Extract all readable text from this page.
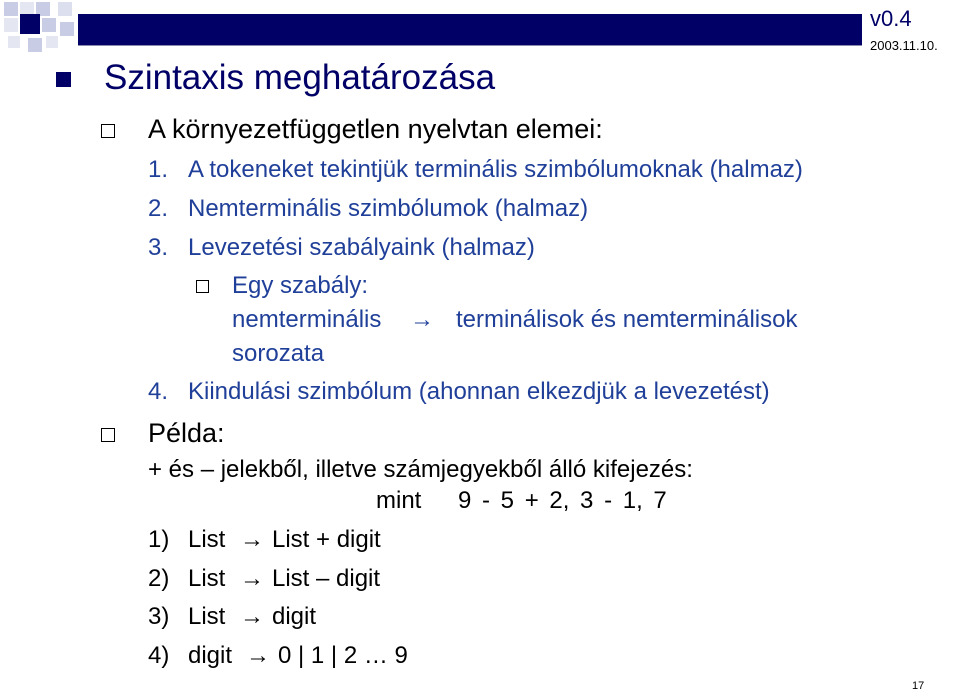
v0.4
2003.11.10.
Szintaxis meghatározása
A környezetfüggetlen nyelvtan elemei:
1. A tokeneket tekintjük terminális szimbólumoknak (halmaz)
2. Nemterminális szimbólumok (halmaz)
3. Levezetési szabályaink (halmaz)
Egy szabály:
nemterminális → terminálisok és nemterminálisok
sorozata
4. Kiindulási szimbólum (ahonnan elkezdjük a levezetést)
Példa:
+ és – jelekből, illetve számjegyekből álló kifejezés:
mint 9 - 5 + 2, 3 - 1, 7
1) List → List + digit
2) List → List – digit
3) List → digit
4) digit → 0 | 1 | 2 … 9
17
